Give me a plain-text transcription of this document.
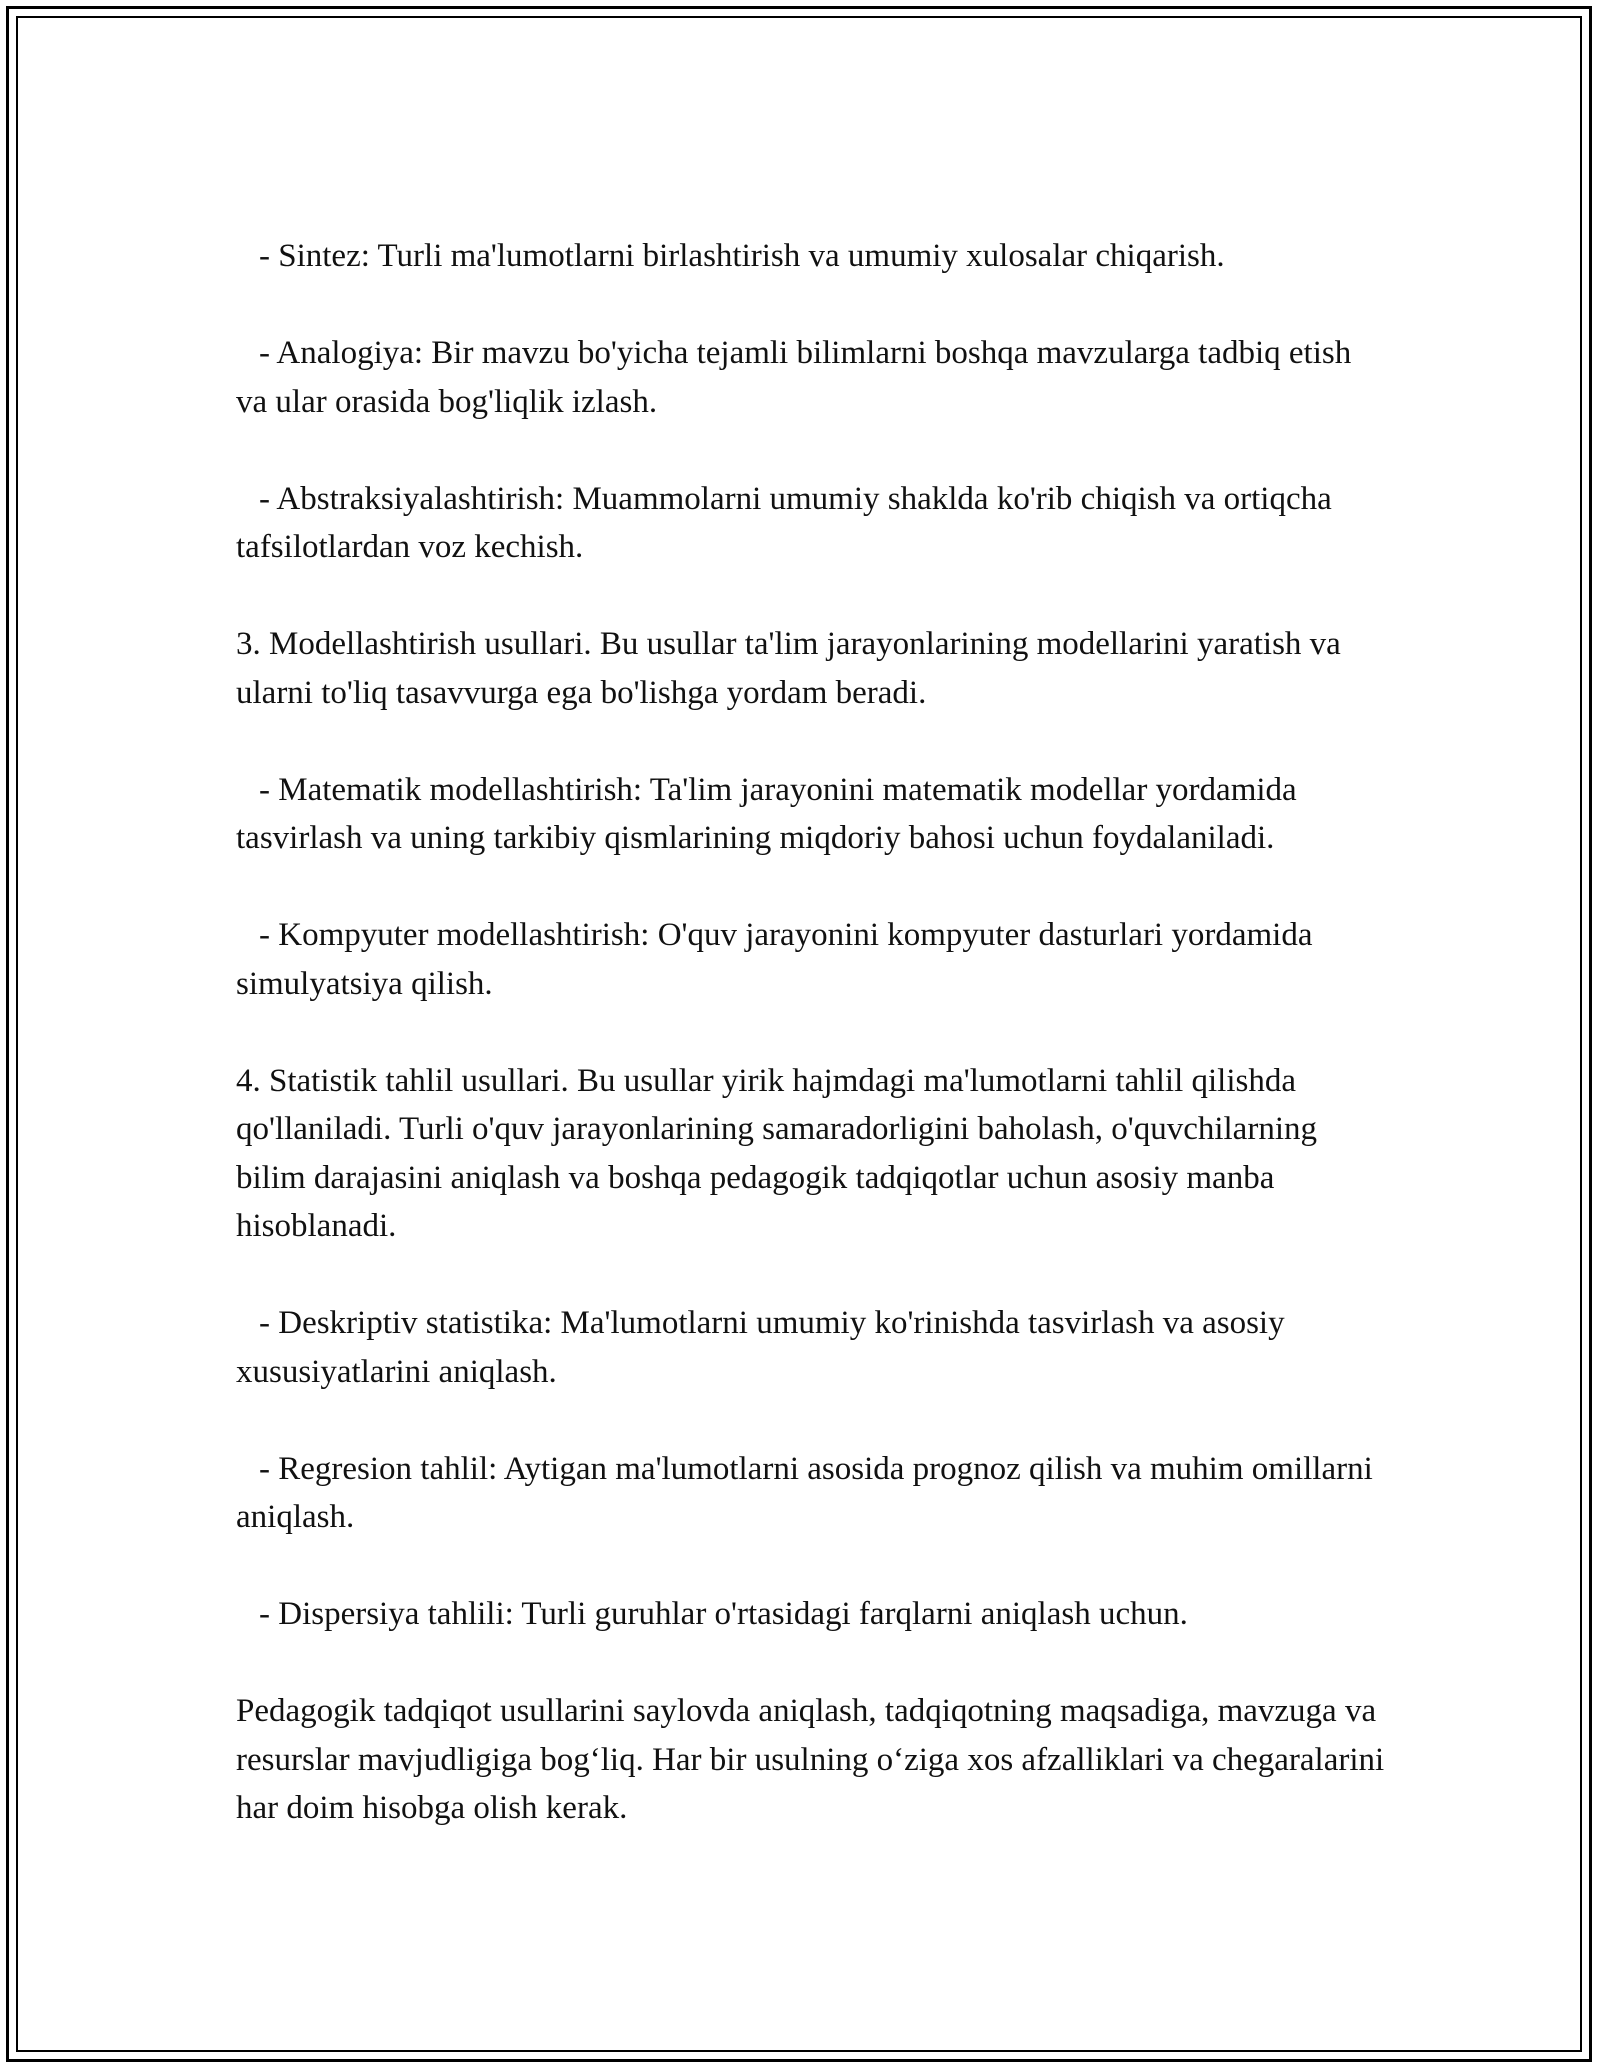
- Sintez: Turli ma'lumotlarni birlashtirish va umumiy xulosalar chiqarish.

- Analogiya: Bir mavzu bo'yicha tejamli bilimlarni boshqa mavzularga tadbiq etish va ular orasida bog'liqlik izlash.

- Abstraksiyalashtirish: Muammolarni umumiy shaklda ko'rib chiqish va ortiqcha tafsilotlardan voz kechish.

3. Modellashtirish usullari. Bu usullar ta'lim jarayonlarining modellarini yaratish va ularni to'liq tasavvurga ega bo'lishga yordam beradi.

- Matematik modellashtirish: Ta'lim jarayonini matematik modellar yordamida tasvirlash va uning tarkibiy qismlarining miqdoriy bahosi uchun foydalaniladi.

- Kompyuter modellashtirish: O'quv jarayonini kompyuter dasturlari yordamida simulyatsiya qilish.

4. Statistik tahlil usullari. Bu usullar yirik hajmdagi ma'lumotlarni tahlil qilishda qo'llaniladi. Turli o'quv jarayonlarining samaradorligini baholash, o'quvchilarning bilim darajasini aniqlash va boshqa pedagogik tadqiqotlar uchun asosiy manba hisoblanadi.

- Deskriptiv statistika: Ma'lumotlarni umumiy ko'rinishda tasvirlash va asosiy xususiyatlarini aniqlash.

- Regresion tahlil: Aytigan ma'lumotlarni asosida prognoz qilish va muhim omillarni aniqlash.

- Dispersiya tahlili: Turli guruhlar o'rtasidagi farqlarni aniqlash uchun.

Pedagogik tadqiqot usullarini saylovda aniqlash, tadqiqotning maqsadiga, mavzuga va resurslar mavjudligiga bog‘liq. Har bir usulning o‘ziga xos afzalliklari va chegaralarini har doim hisobga olish kerak.
